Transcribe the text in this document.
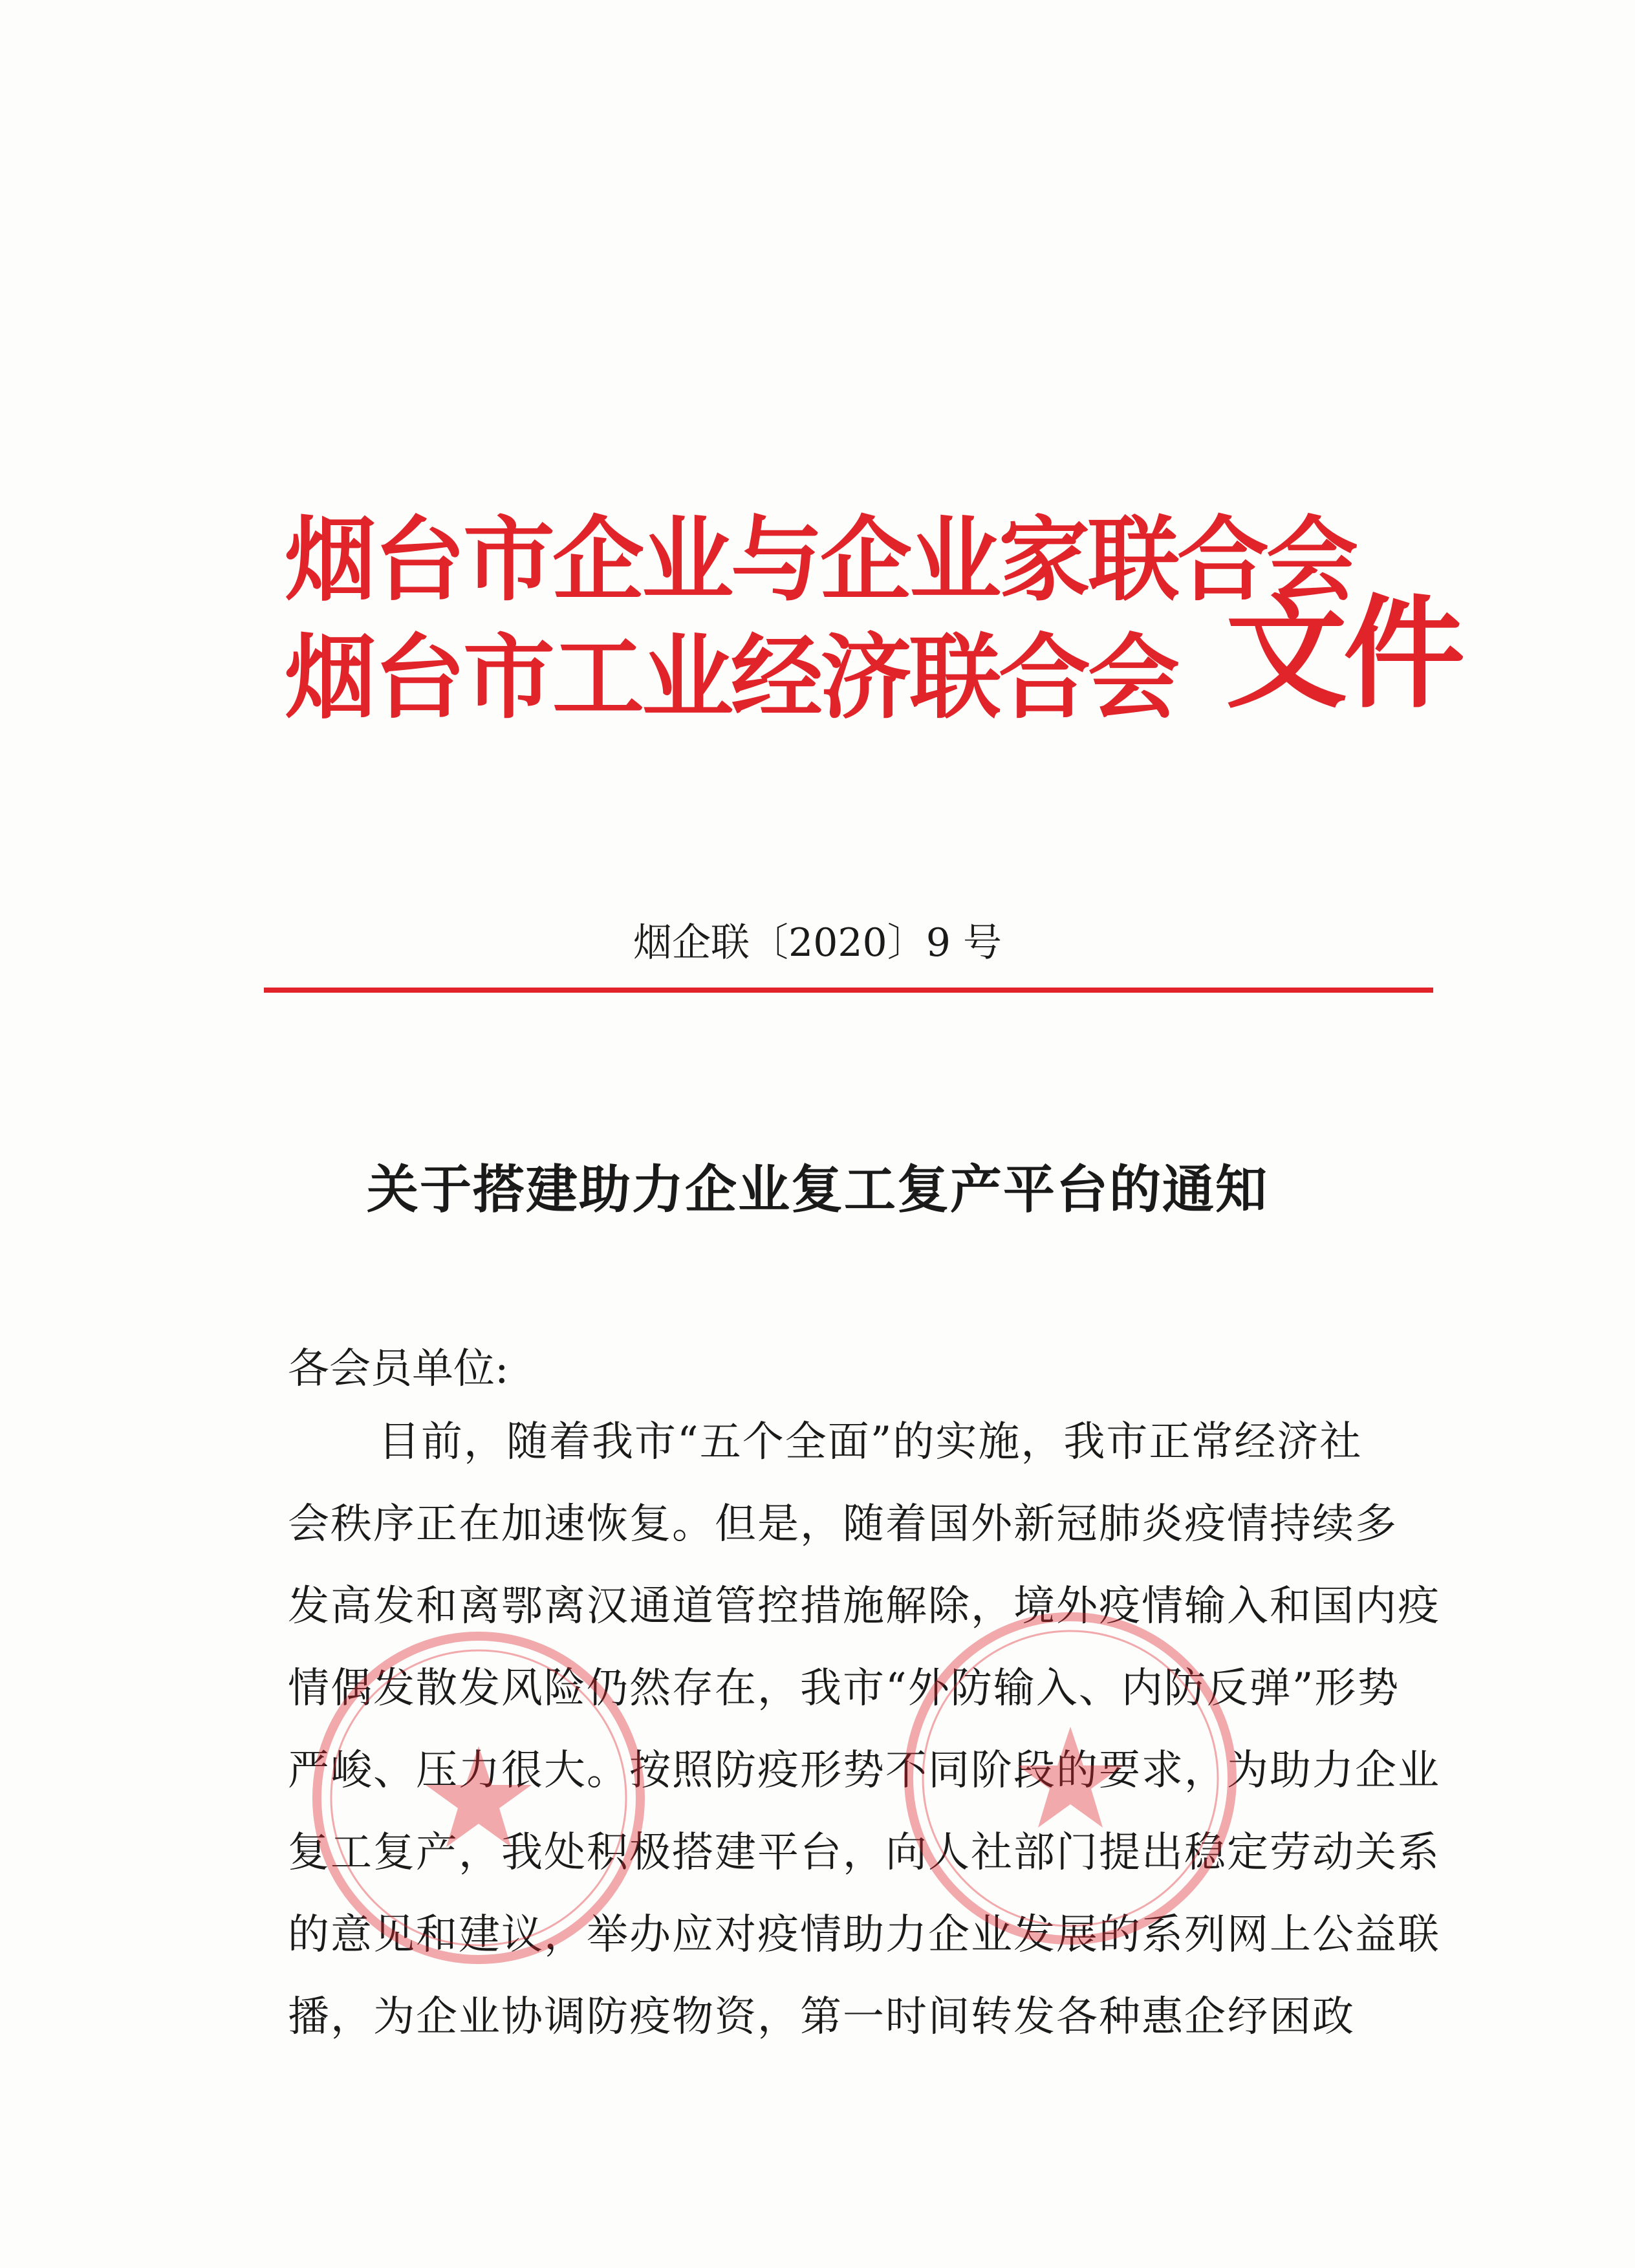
烟台市企业与企业家联合会
烟台市工业经济联合会 文件
烟企联〔2020〕9 号
关于搭建助力企业复工复产平台的通知
各会员单位:
目前，随着我市“五个全面”的实施，我市正常经济社
会秩序正在加速恢复。但是，随着国外新冠肺炎疫情持续多
发高发和离鄂离汉通道管控措施解除，境外疫情输入和国内疫
情偶发散发风险仍然存在，我市“外防输入、内防反弹”形势
严峻、压力很大。按照防疫形势不同阶段的要求，为助力企业
复工复产，我处积极搭建平台，向人社部门提出稳定劳动关系
的意见和建议，举办应对疫情助力企业发展的系列网上公益联
播，为企业协调防疫物资，第一时间转发各种惠企纾困政
